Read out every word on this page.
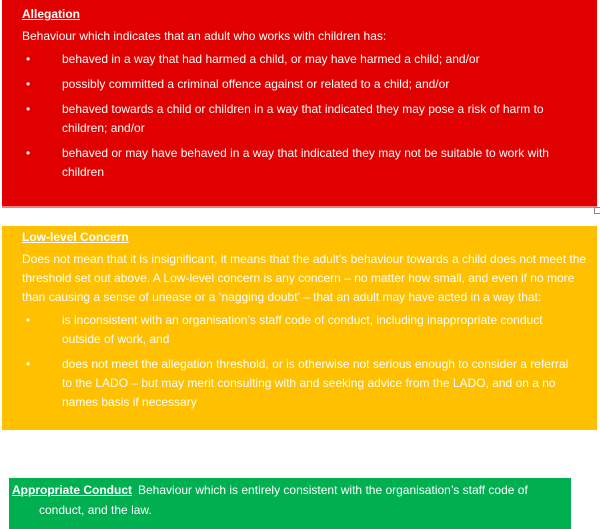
Allegation

Behaviour which indicates that an adult who works with children has:

•	behaved in a way that had harmed a child, or may have harmed a child; and/or
•	possibly committed a criminal offence against or related to a child; and/or
•	behaved towards a child or children in a way that indicated they may pose a risk of harm to children; and/or
•	behaved or may have behaved in a way that indicated they may not be suitable to work with children
Low-level Concern

Does not mean that it is insignificant, it means that the adult’s behaviour towards a child does not meet the threshold set out above. A Low-level concern is any concern – no matter how small, and even if no more than causing a sense of unease or a ‘nagging doubt’ – that an adult may have acted in a way that:

•	is inconsistent with an organisation’s staff code of conduct, including inappropriate conduct outside of work, and
•	does not meet the allegation threshold, or is otherwise not serious enough to consider a referral to the LADO – but may merit consulting with and seeking advice from the LADO, and on a no names basis if necessary
Appropriate Conduct Behaviour which is entirely consistent with the organisation’s staff code of
conduct, and the law.
